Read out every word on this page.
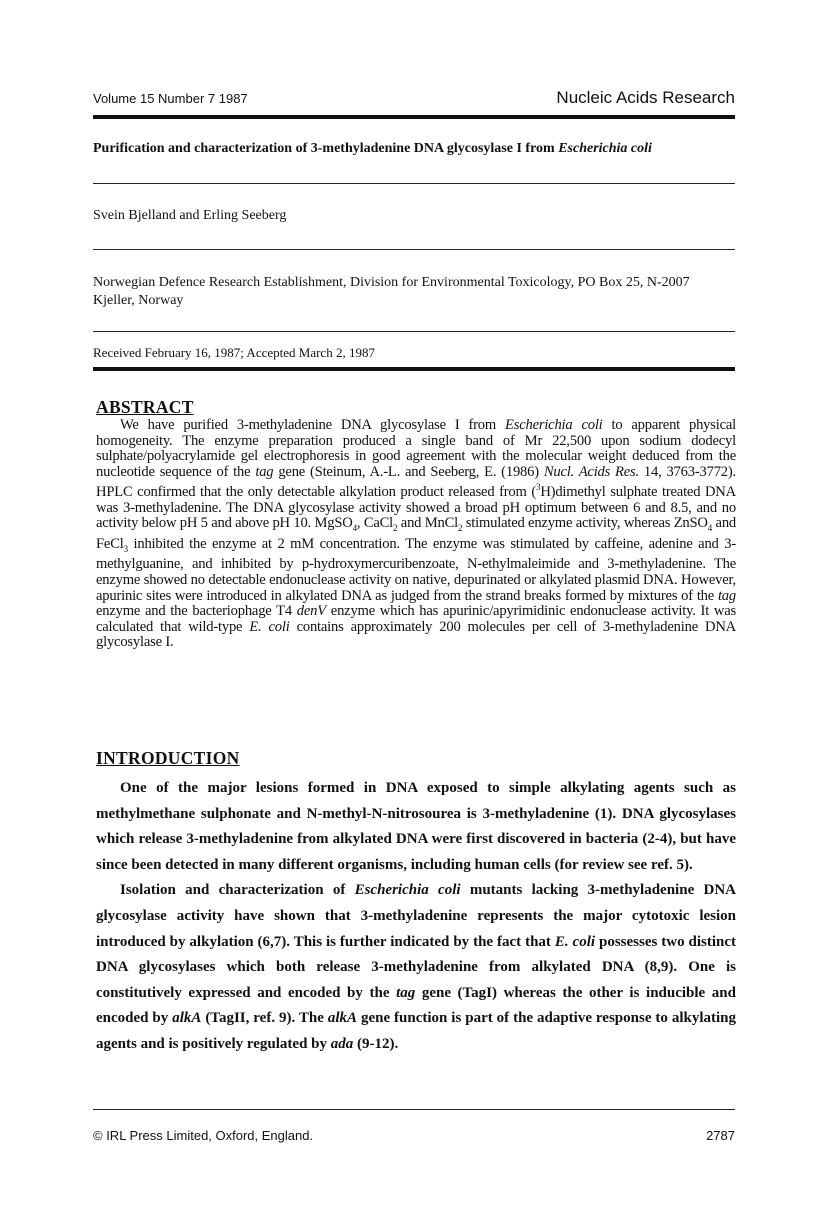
Volume 15 Number 7 1987	Nucleic Acids Research
Purification and characterization of 3-methyladenine DNA glycosylase I from Escherichia coli
Svein Bjelland and Erling Seeberg
Norwegian Defence Research Establishment, Division for Environmental Toxicology, PO Box 25, N-2007 Kjeller, Norway
Received February 16, 1987; Accepted March 2, 1987
ABSTRACT

We have purified 3-methyladenine DNA glycosylase I from Escherichia coli to apparent physical homogeneity. The enzyme preparation produced a single band of Mr 22,500 upon sodium dodecyl sulphate/polyacrylamide gel electrophoresis in good agreement with the molecular weight deduced from the nucleotide sequence of the tag gene (Steinum, A.-L. and Seeberg, E. (1986) Nucl. Acids Res. 14, 3763-3772). HPLC confirmed that the only detectable alkylation product released from ($^3$H)dimethyl sulphate treated DNA was 3-methyladenine. The DNA glycosylase activity showed a broad pH optimum between 6 and 8.5, and no activity below pH 5 and above pH 10. MgSO$_4$, CaCl$_2$ and MnCl$_2$ stimulated enzyme activity, whereas ZnSO$_4$ and FeCl$_3$ inhibited the enzyme at 2 mM concentration. The enzyme was stimulated by caffeine, adenine and 3-methylguanine, and inhibited by p-hydroxymercuribenzoate, N-ethylmaleimide and 3-methyladenine. The enzyme showed no detectable endonuclease activity on native, depurinated or alkylated plasmid DNA. However, apurinic sites were introduced in alkylated DNA as judged from the strand breaks formed by mixtures of the tag enzyme and the bacteriophage T4 denV enzyme which has apurinic/apyrimidinic endonuclease activity. It was calculated that wild-type E. coli contains approximately 200 molecules per cell of 3-methyladenine DNA glycosylase I.

INTRODUCTION

One of the major lesions formed in DNA exposed to simple alkylating agents such as methylmethane sulphonate and N-methyl-N-nitrosourea is 3-methyladenine (1). DNA glycosylases which release 3-methyladenine from alkylated DNA were first discovered in bacteria (2-4), but have since been detected in many different organisms, including human cells (for review see ref. 5).

Isolation and characterization of Escherichia coli mutants lacking 3-methyladenine DNA glycosylase activity have shown that 3-methyladenine represents the major cytotoxic lesion introduced by alkylation (6,7). This is further indicated by the fact that E. coli possesses two distinct DNA glycosylases which both release 3-methyladenine from alkylated DNA (8,9). One is constitutively expressed and encoded by the tag gene (TagI) whereas the other is inducible and encoded by alkA (TagII, ref. 9). The alkA gene function is part of the adaptive response to alkylating agents and is positively regulated by ada (9-12).

© IRL Press Limited, Oxford, England.	2787
